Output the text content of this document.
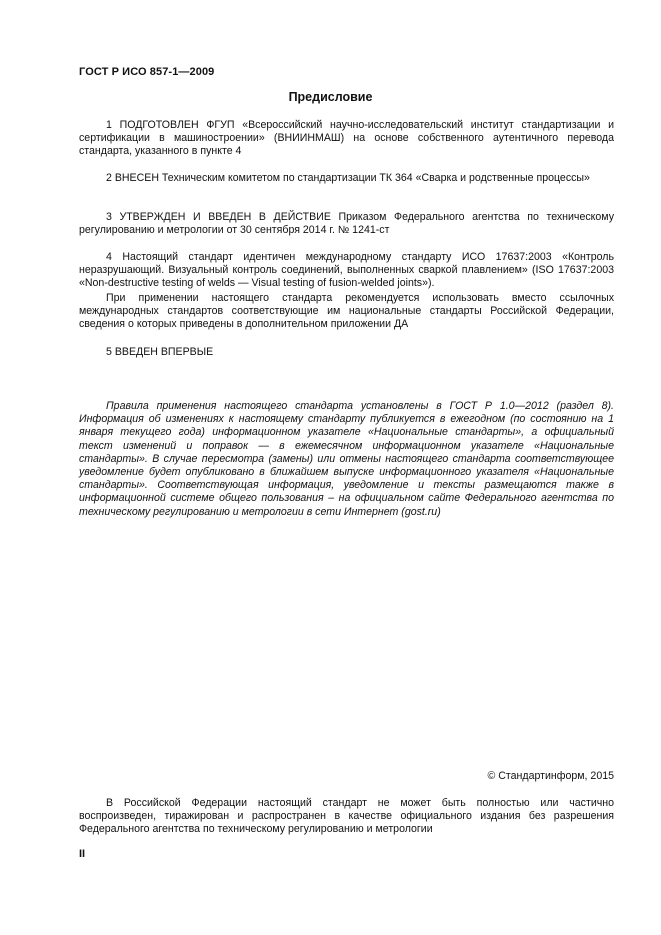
ГОСТ Р ИСО 857-1—2009
Предисловие
1 ПОДГОТОВЛЕН ФГУП «Всероссийский научно-исследовательский институт стандартизации и сертификации в машиностроении» (ВНИИНМАШ) на основе собственного аутентичного перевода стандарта, указанного в пункте 4
2 ВНЕСЕН Техническим комитетом по стандартизации ТК 364 «Сварка и родственные процессы»
3 УТВЕРЖДЕН И ВВЕДЕН В ДЕЙСТВИЕ Приказом Федерального агентства по техническому регулированию и метрологии от 30 сентября 2014 г. № 1241-ст
4 Настоящий стандарт идентичен международному стандарту ИСО 17637:2003 «Контроль неразрушающий. Визуальный контроль соединений, выполненных сваркой плавлением» (ISO 17637:2003 «Non-destructive testing of welds — Visual testing of fusion-welded joints»).
При применении настоящего стандарта рекомендуется использовать вместо ссылочных международных стандартов соответствующие им национальные стандарты Российской Федерации, сведения о которых приведены в дополнительном приложении ДА
5 ВВЕДЕН ВПЕРВЫЕ
Правила применения настоящего стандарта установлены в ГОСТ Р 1.0—2012 (раздел 8). Информация об изменениях к настоящему стандарту публикуется в ежегодном (по состоянию на 1 января текущего года) информационном указателе «Национальные стандарты», а официальный текст изменений и поправок — в ежемесячном информационном указателе «Национальные стандарты». В случае пересмотра (замены) или отмены настоящего стандарта соответствующее уведомление будет опубликовано в ближайшем выпуске информационного указателя «Национальные стандарты». Соответствующая информация, уведомление и тексты размещаются также в информационной системе общего пользования – на официальном сайте Федерального агентства по техническому регулированию и метрологии в сети Интернет (gost.ru)
© Стандартинформ, 2015
В Российской Федерации настоящий стандарт не может быть полностью или частично воспроизведен, тиражирован и распространен в качестве официального издания без разрешения Федерального агентства по техническому регулированию и метрологии
II
